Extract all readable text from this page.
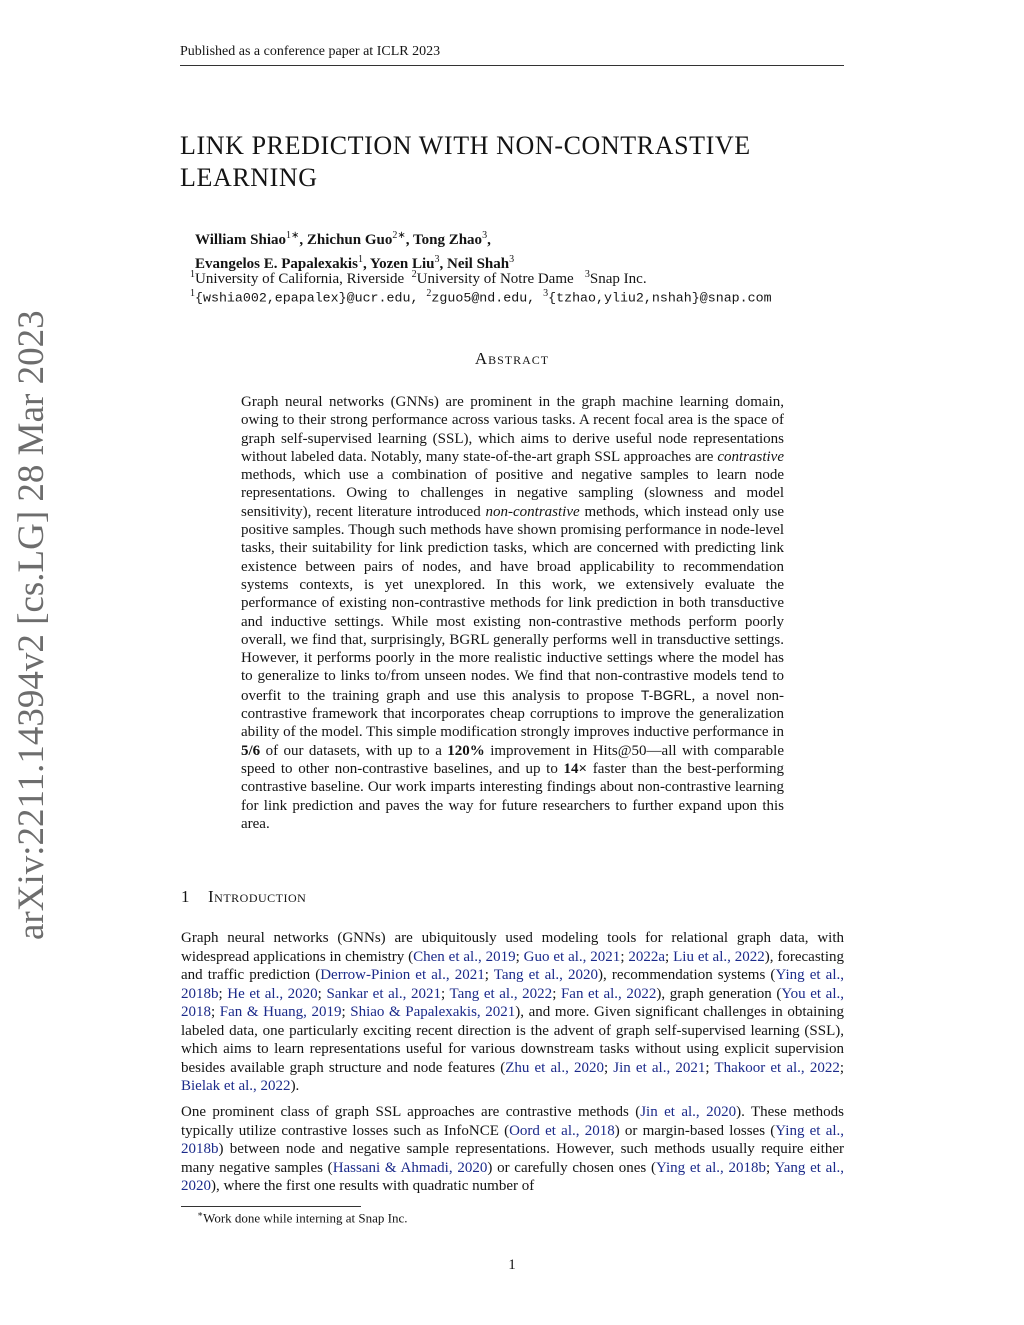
Published as a conference paper at ICLR 2023
LINK PREDICTION WITH NON-CONTRASTIVE
LEARNING
William Shiao$^{1∗}$, Zhichun Guo$^{2∗}$, Tong Zhao$^3$,
Evangelos E. Papalexakis$^1$, Yozen Liu$^3$, Neil Shah$^3$
$^1$University of California, Riverside $^2$University of Notre Dame $^3$Snap Inc.
$^1${wshia002,epapalex}@ucr.edu, $^2$zguo5@nd.edu, $^3${tzhao,yliu2,nshah}@snap.com
Abstract
Graph neural networks (GNNs) are prominent in the graph machine learning domain, owing to their strong performance across various tasks. A recent focal area is the space of graph self-supervised learning (SSL), which aims to derive useful node representations without labeled data. Notably, many state-of-the-art graph SSL approaches are contrastive methods, which use a combination of positive and negative samples to learn node representations. Owing to challenges in negative sampling (slowness and model sensitivity), recent literature introduced non-contrastive methods, which instead only use positive samples. Though such methods have shown promising performance in node-level tasks, their suitability for link prediction tasks, which are concerned with predicting link existence between pairs of nodes, and have broad applicability to recommendation systems contexts, is yet unexplored. In this work, we extensively evaluate the performance of existing non-contrastive methods for link prediction in both transductive and inductive settings. While most existing non-contrastive methods perform poorly overall, we find that, surprisingly, BGRL generally performs well in transductive settings. However, it performs poorly in the more realistic inductive settings where the model has to generalize to links to/from unseen nodes. We find that non-contrastive models tend to overfit to the training graph and use this analysis to propose T-BGRL, a novel non-contrastive framework that incorporates cheap corruptions to improve the generalization ability of the model. This simple modification strongly improves inductive performance in 5/6 of our datasets, with up to a 120% improvement in Hits@50—all with comparable speed to other non-contrastive baselines, and up to 14× faster than the best-performing contrastive baseline. Our work imparts interesting findings about non-contrastive learning for link prediction and paves the way for future researchers to further expand upon this area.
1 Introduction
Graph neural networks (GNNs) are ubiquitously used modeling tools for relational graph data, with widespread applications in chemistry (Chen et al., 2019; Guo et al., 2021; 2022a; Liu et al., 2022), forecasting and traffic prediction (Derrow-Pinion et al., 2021; Tang et al., 2020), recommendation systems (Ying et al., 2018b; He et al., 2020; Sankar et al., 2021; Tang et al., 2022; Fan et al., 2022), graph generation (You et al., 2018; Fan & Huang, 2019; Shiao & Papalexakis, 2021), and more. Given significant challenges in obtaining labeled data, one particularly exciting recent direction is the advent of graph self-supervised learning (SSL), which aims to learn representations useful for various downstream tasks without using explicit supervision besides available graph structure and node features (Zhu et al., 2020; Jin et al., 2021; Thakoor et al., 2022; Bielak et al., 2022).
One prominent class of graph SSL approaches are contrastive methods (Jin et al., 2020). These methods typically utilize contrastive losses such as InfoNCE (Oord et al., 2018) or margin-based losses (Ying et al., 2018b) between node and negative sample representations. However, such methods usually require either many negative samples (Hassani & Ahmadi, 2020) or carefully chosen ones (Ying et al., 2018b; Yang et al., 2020), where the first one results with quadratic number of
∗Work done while interning at Snap Inc.
1
arXiv:2211.14394v2 [cs.LG] 28 Mar 2023
